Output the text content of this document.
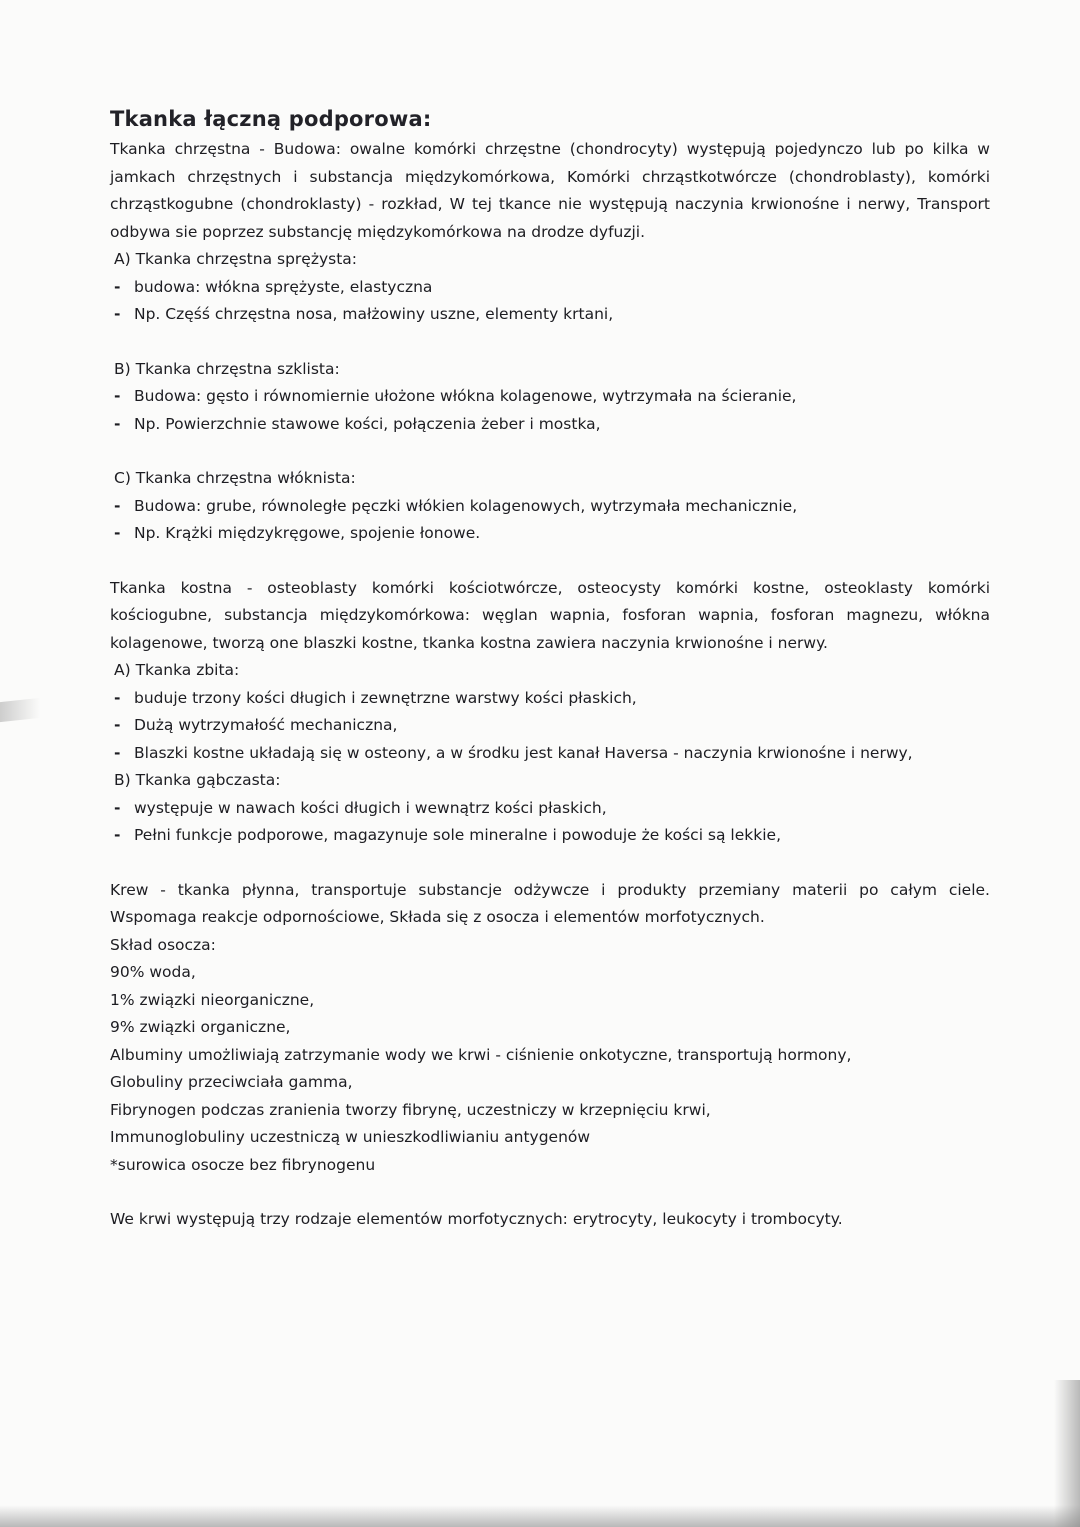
Tkanka łączną podporowa:

Tkanka chrzęstna - Budowa: owalne komórki chrzęstne (chondrocyty) występują pojedynczo lub po kilka w jamkach chrzęstnych i substancja międzykomórkowa, Komórki chrząstkotwórcze (chondroblasty), komórki chrząstkogubne (chondroklasty) - rozkład, W tej tkance nie występują naczynia krwionośne i nerwy, Transport odbywa sie poprzez substancję międzykomórkowa na drodze dyfuzji.

A) Tkanka chrzęstna sprężysta:

- budowa: włókna sprężyste, elastyczna
- Np. Częśś chrzęstna nosa, małżowiny uszne, elementy krtani,

B) Tkanka chrzęstna szklista:

- Budowa: gęsto i równomiernie ułożone włókna kolagenowe, wytrzymała na ścieranie,
- Np. Powierzchnie stawowe kości, połączenia żeber i mostka,

C) Tkanka chrzęstna włóknista:

- Budowa: grube, równoległe pęczki włókien kolagenowych, wytrzymała mechanicznie,
- Np. Krążki międzykręgowe, spojenie łonowe.

Tkanka kostna - osteoblasty komórki kościotwórcze, osteocysty komórki kostne, osteoklasty komórki kościogubne, substancja międzykomórkowa: węglan wapnia, fosforan wapnia, fosforan magnezu, włókna kolagenowe, tworzą one blaszki kostne, tkanka kostna zawiera naczynia krwionośne i nerwy.

A) Tkanka zbita:

- buduje trzony kości długich i zewnętrzne warstwy kości płaskich,
- Dużą wytrzymałość mechaniczna,
- Blaszki kostne układają się w osteony, a w środku jest kanał Haversa - naczynia krwionośne i nerwy,

B) Tkanka gąbczasta:

- występuje w nawach kości długich i wewnątrz kości płaskich,
- Pełni funkcje podporowe, magazynuje sole mineralne i powoduje że kości są lekkie,

Krew - tkanka płynna, transportuje substancje odżywcze i produkty przemiany materii po całym ciele. Wspomaga reakcje odpornościowe, Składa się z osocza i elementów morfotycznych.

Skład osocza:

90% woda,

1% związki nieorganiczne,

9% związki organiczne,

Albuminy umożliwiają zatrzymanie wody we krwi - ciśnienie onkotyczne, transportują hormony,

Globuliny przeciwciała gamma,

Fibrynogen podczas zranienia tworzy fibrynę, uczestniczy w krzepnięciu krwi,

Immunoglobuliny uczestniczą w unieszkodliwianiu antygenów

*surowica osocze bez fibrynogenu

We krwi występują trzy rodzaje elementów morfotycznych: erytrocyty, leukocyty i trombocyty.
